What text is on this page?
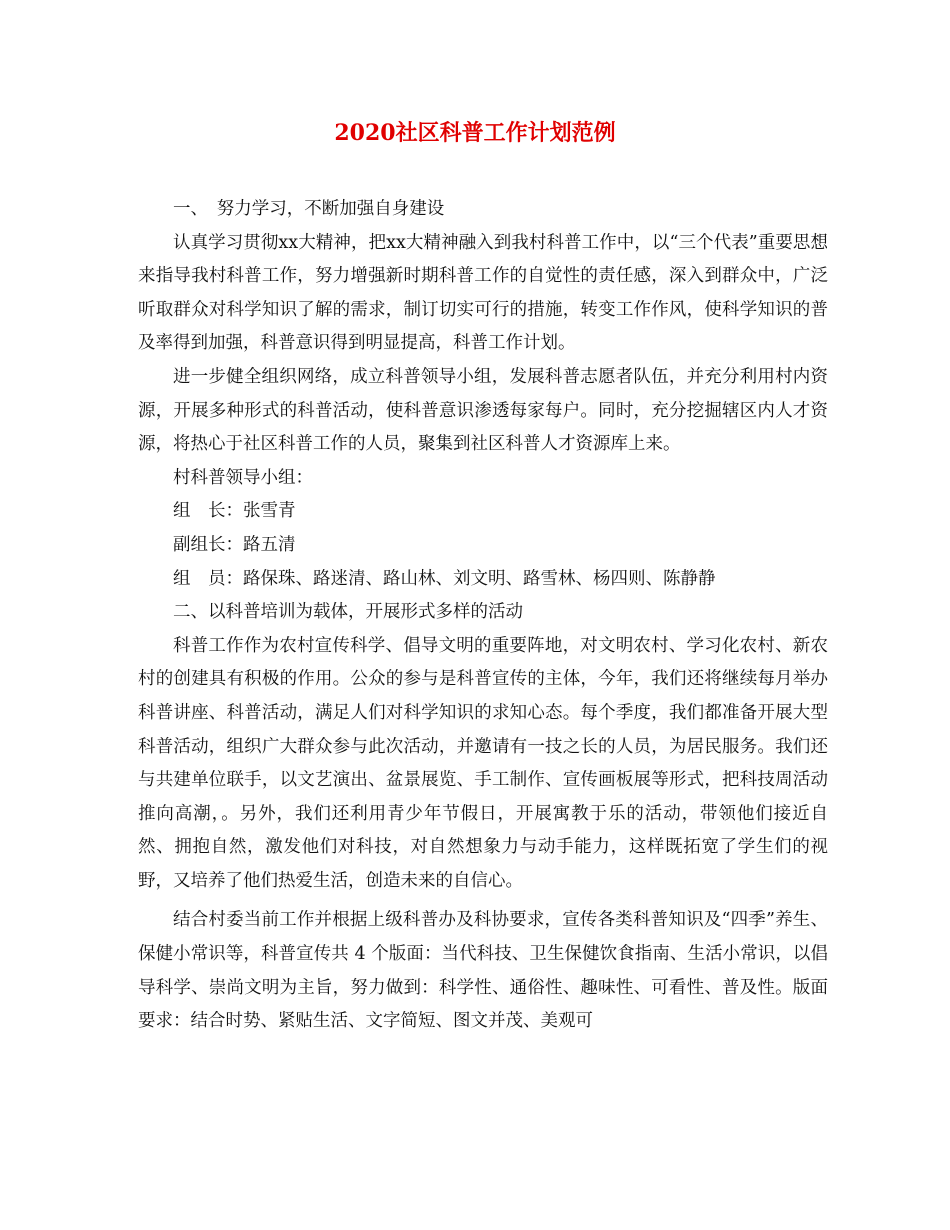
2020社区科普工作计划范例

一、　努力学习，不断加强自身建设

认真学习贯彻xx大精神，把xx大精神融入到我村科普工作中，以“三个代表”重要思想来指导我村科普工作，努力增强新时期科普工作的自觉性的责任感，深入到群众中，广泛听取群众对科学知识了解的需求，制订切实可行的措施，转变工作作风，使科学知识的普及率得到加强，科普意识得到明显提高，科普工作计划。

进一步健全组织网络，成立科普领导小组，发展科普志愿者队伍，并充分利用村内资源，开展多种形式的科普活动，使科普意识渗透每家每户。同时，充分挖掘辖区内人才资源，将热心于社区科普工作的人员，聚集到社区科普人才资源库上来。

村科普领导小组：

组　长：张雪青

副组长：路五清

组　员：路保珠、路迷清、路山林、刘文明、路雪林、杨四则、陈静静

二、以科普培训为载体，开展形式多样的活动

科普工作作为农村宣传科学、倡导文明的重要阵地，对文明农村、学习化农村、新农村的创建具有积极的作用。公众的参与是科普宣传的主体，今年，我们还将继续每月举办科普讲座、科普活动，满足人们对科学知识的求知心态。每个季度，我们都准备开展大型科普活动，组织广大群众参与此次活动，并邀请有一技之长的人员，为居民服务。我们还与共建单位联手，以文艺演出、盆景展览、手工制作、宣传画板展等形式，把科技周活动推向高潮，。另外，我们还利用青少年节假日，开展寓教于乐的活动，带领他们接近自然、拥抱自然，激发他们对科技，对自然想象力与动手能力，这样既拓宽了学生们的视野，又培养了他们热爱生活，创造未来的自信心。

结合村委当前工作并根据上级科普办及科协要求，宣传各类科普知识及“四季”养生、保健小常识等，科普宣传共 4 个版面：当代科技、卫生保健饮食指南、生活小常识，以倡导科学、崇尚文明为主旨，努力做到：科学性、通俗性、趣味性、可看性、普及性。版面要求：结合时势、紧贴生活、文字简短、图文并茂、美观可
